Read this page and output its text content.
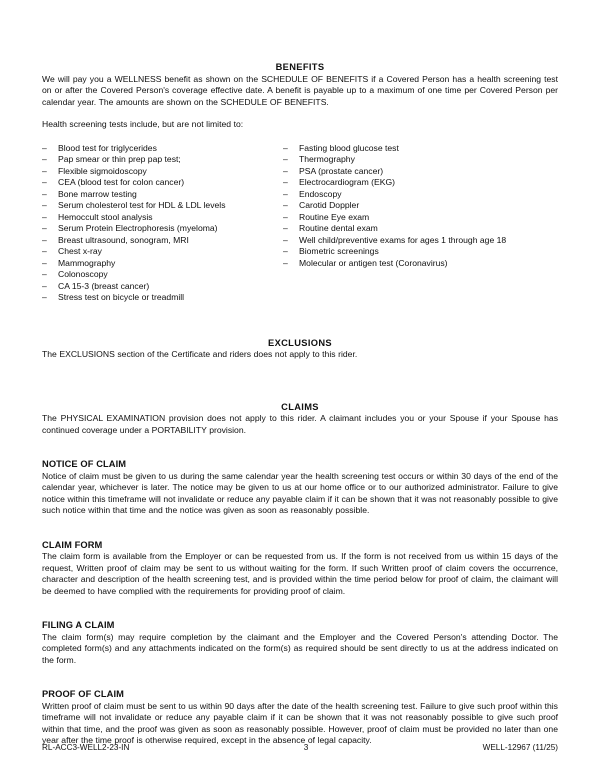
BENEFITS

We will pay you a WELLNESS benefit as shown on the SCHEDULE OF BENEFITS if a Covered Person has a health screening test on or after the Covered Person's coverage effective date. A benefit is payable up to a maximum of one time per Covered Person per calendar year. The amounts are shown on the SCHEDULE OF BENEFITS.

Health screening tests include, but are not limited to:

–	Blood test for triglycerides
–	Pap smear or thin prep pap test;
–	Flexible sigmoidoscopy
–	CEA (blood test for colon cancer)
–	Bone marrow testing
–	Serum cholesterol test for HDL & LDL levels
–	Hemoccult stool analysis
–	Serum Protein Electrophoresis (myeloma)
–	Breast ultrasound, sonogram, MRI
–	Chest x-ray
–	Mammography
–	Colonoscopy
–	CA 15-3 (breast cancer)
–	Stress test on bicycle or treadmill
–	Fasting blood glucose test
–	Thermography
–	PSA (prostate cancer)
–	Electrocardiogram (EKG)
–	Endoscopy
–	Carotid Doppler
–	Routine Eye exam
–	Routine dental exam
–	Well child/preventive exams for ages 1 through age 18
–	Biometric screenings
–	Molecular or antigen test (Coronavirus)
EXCLUSIONS

The EXCLUSIONS section of the Certificate and riders does not apply to this rider.

CLAIMS

The PHYSICAL EXAMINATION provision does not apply to this rider. A claimant includes you or your Spouse if your Spouse has continued coverage under a PORTABILITY provision.

NOTICE OF CLAIM

Notice of claim must be given to us during the same calendar year the health screening test occurs or within 30 days of the end of the calendar year, whichever is later. The notice may be given to us at our home office or to our authorized administrator. Failure to give notice within this timeframe will not invalidate or reduce any payable claim if it can be shown that it was not reasonably possible to give such notice within that time and the notice was given as soon as reasonably possible.

CLAIM FORM

The claim form is available from the Employer or can be requested from us. If the form is not received from us within 15 days of the request, Written proof of claim may be sent to us without waiting for the form. If such Written proof of claim covers the occurrence, character and description of the health screening test, and is provided within the time period below for proof of claim, the claimant will be deemed to have complied with the requirements for providing proof of claim.

FILING A CLAIM

The claim form(s) may require completion by the claimant and the Employer and the Covered Person's attending Doctor. The completed form(s) and any attachments indicated on the form(s) as required should be sent directly to us at the address indicated on the form.

PROOF OF CLAIM

Written proof of claim must be sent to us within 90 days after the date of the health screening test. Failure to give such proof within this timeframe will not invalidate or reduce any payable claim if it can be shown that it was not reasonably possible to give such proof within that time, and the proof was given as soon as reasonably possible. However, proof of claim must be provided no later than one year after the time proof is otherwise required, except in the absence of legal capacity.

RL-ACC3-WELL2-23-IN	3	WELL-12967 (11/25)
